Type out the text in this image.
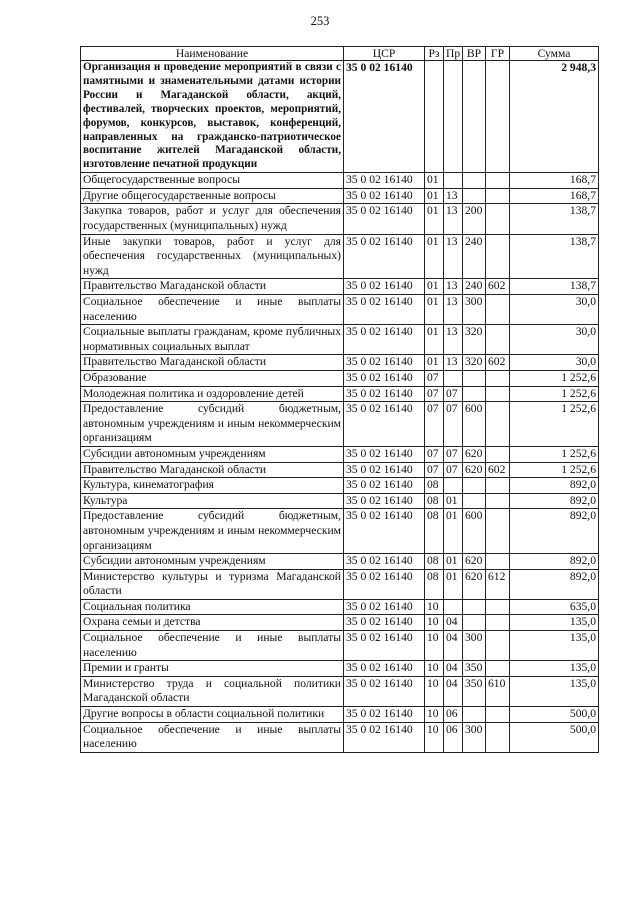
253
Наименование	ЦСР	Рз	Пр	ВР	ГР	Сумма
Организация и проведение мероприятий в связи с памятными и знаменательными датами истории России и Магаданской области, акций, фестивалей, творческих проектов, мероприятий, форумов, конкурсов, выставок, конференций, направленных на гражданско-патриотическое воспитание жителей Магаданской области, изготовление печатной продукции	35 0 02 16140					2 948,3
Общегосударственные вопросы	35 0 02 16140	01				168,7
Другие общегосударственные вопросы	35 0 02 16140	01	13			168,7
Закупка товаров, работ и услуг для обеспечения государственных (муниципальных) нужд	35 0 02 16140	01	13	200		138,7
Иные закупки товаров, работ и услуг для обеспечения государственных (муниципальных) нужд	35 0 02 16140	01	13	240		138,7
Правительство Магаданской области	35 0 02 16140	01	13	240	602	138,7
Социальное обеспечение и иные выплаты населению	35 0 02 16140	01	13	300		30,0
Социальные выплаты гражданам, кроме публичных нормативных социальных выплат	35 0 02 16140	01	13	320		30,0
Правительство Магаданской области	35 0 02 16140	01	13	320	602	30,0
Образование	35 0 02 16140	07				1 252,6
Молодежная политика и оздоровление детей	35 0 02 16140	07	07			1 252,6
Предоставление субсидий бюджетным, автономным учреждениям и иным некоммерческим организациям	35 0 02 16140	07	07	600		1 252,6
Субсидии автономным учреждениям	35 0 02 16140	07	07	620		1 252,6
Правительство Магаданской области	35 0 02 16140	07	07	620	602	1 252,6
Культура, кинематография	35 0 02 16140	08				892,0
Культура	35 0 02 16140	08	01			892,0
Предоставление субсидий бюджетным, автономным учреждениям и иным некоммерческим организациям	35 0 02 16140	08	01	600		892,0
Субсидии автономным учреждениям	35 0 02 16140	08	01	620		892,0
Министерство культуры и туризма Магаданской области	35 0 02 16140	08	01	620	612	892,0
Социальная политика	35 0 02 16140	10				635,0
Охрана семьи и детства	35 0 02 16140	10	04			135,0
Социальное обеспечение и иные выплаты населению	35 0 02 16140	10	04	300		135,0
Премии и гранты	35 0 02 16140	10	04	350		135,0
Министерство труда и социальной политики Магаданской области	35 0 02 16140	10	04	350	610	135,0
Другие вопросы в области социальной политики	35 0 02 16140	10	06			500,0
Социальное обеспечение и иные выплаты населению	35 0 02 16140	10	06	300		500,0
